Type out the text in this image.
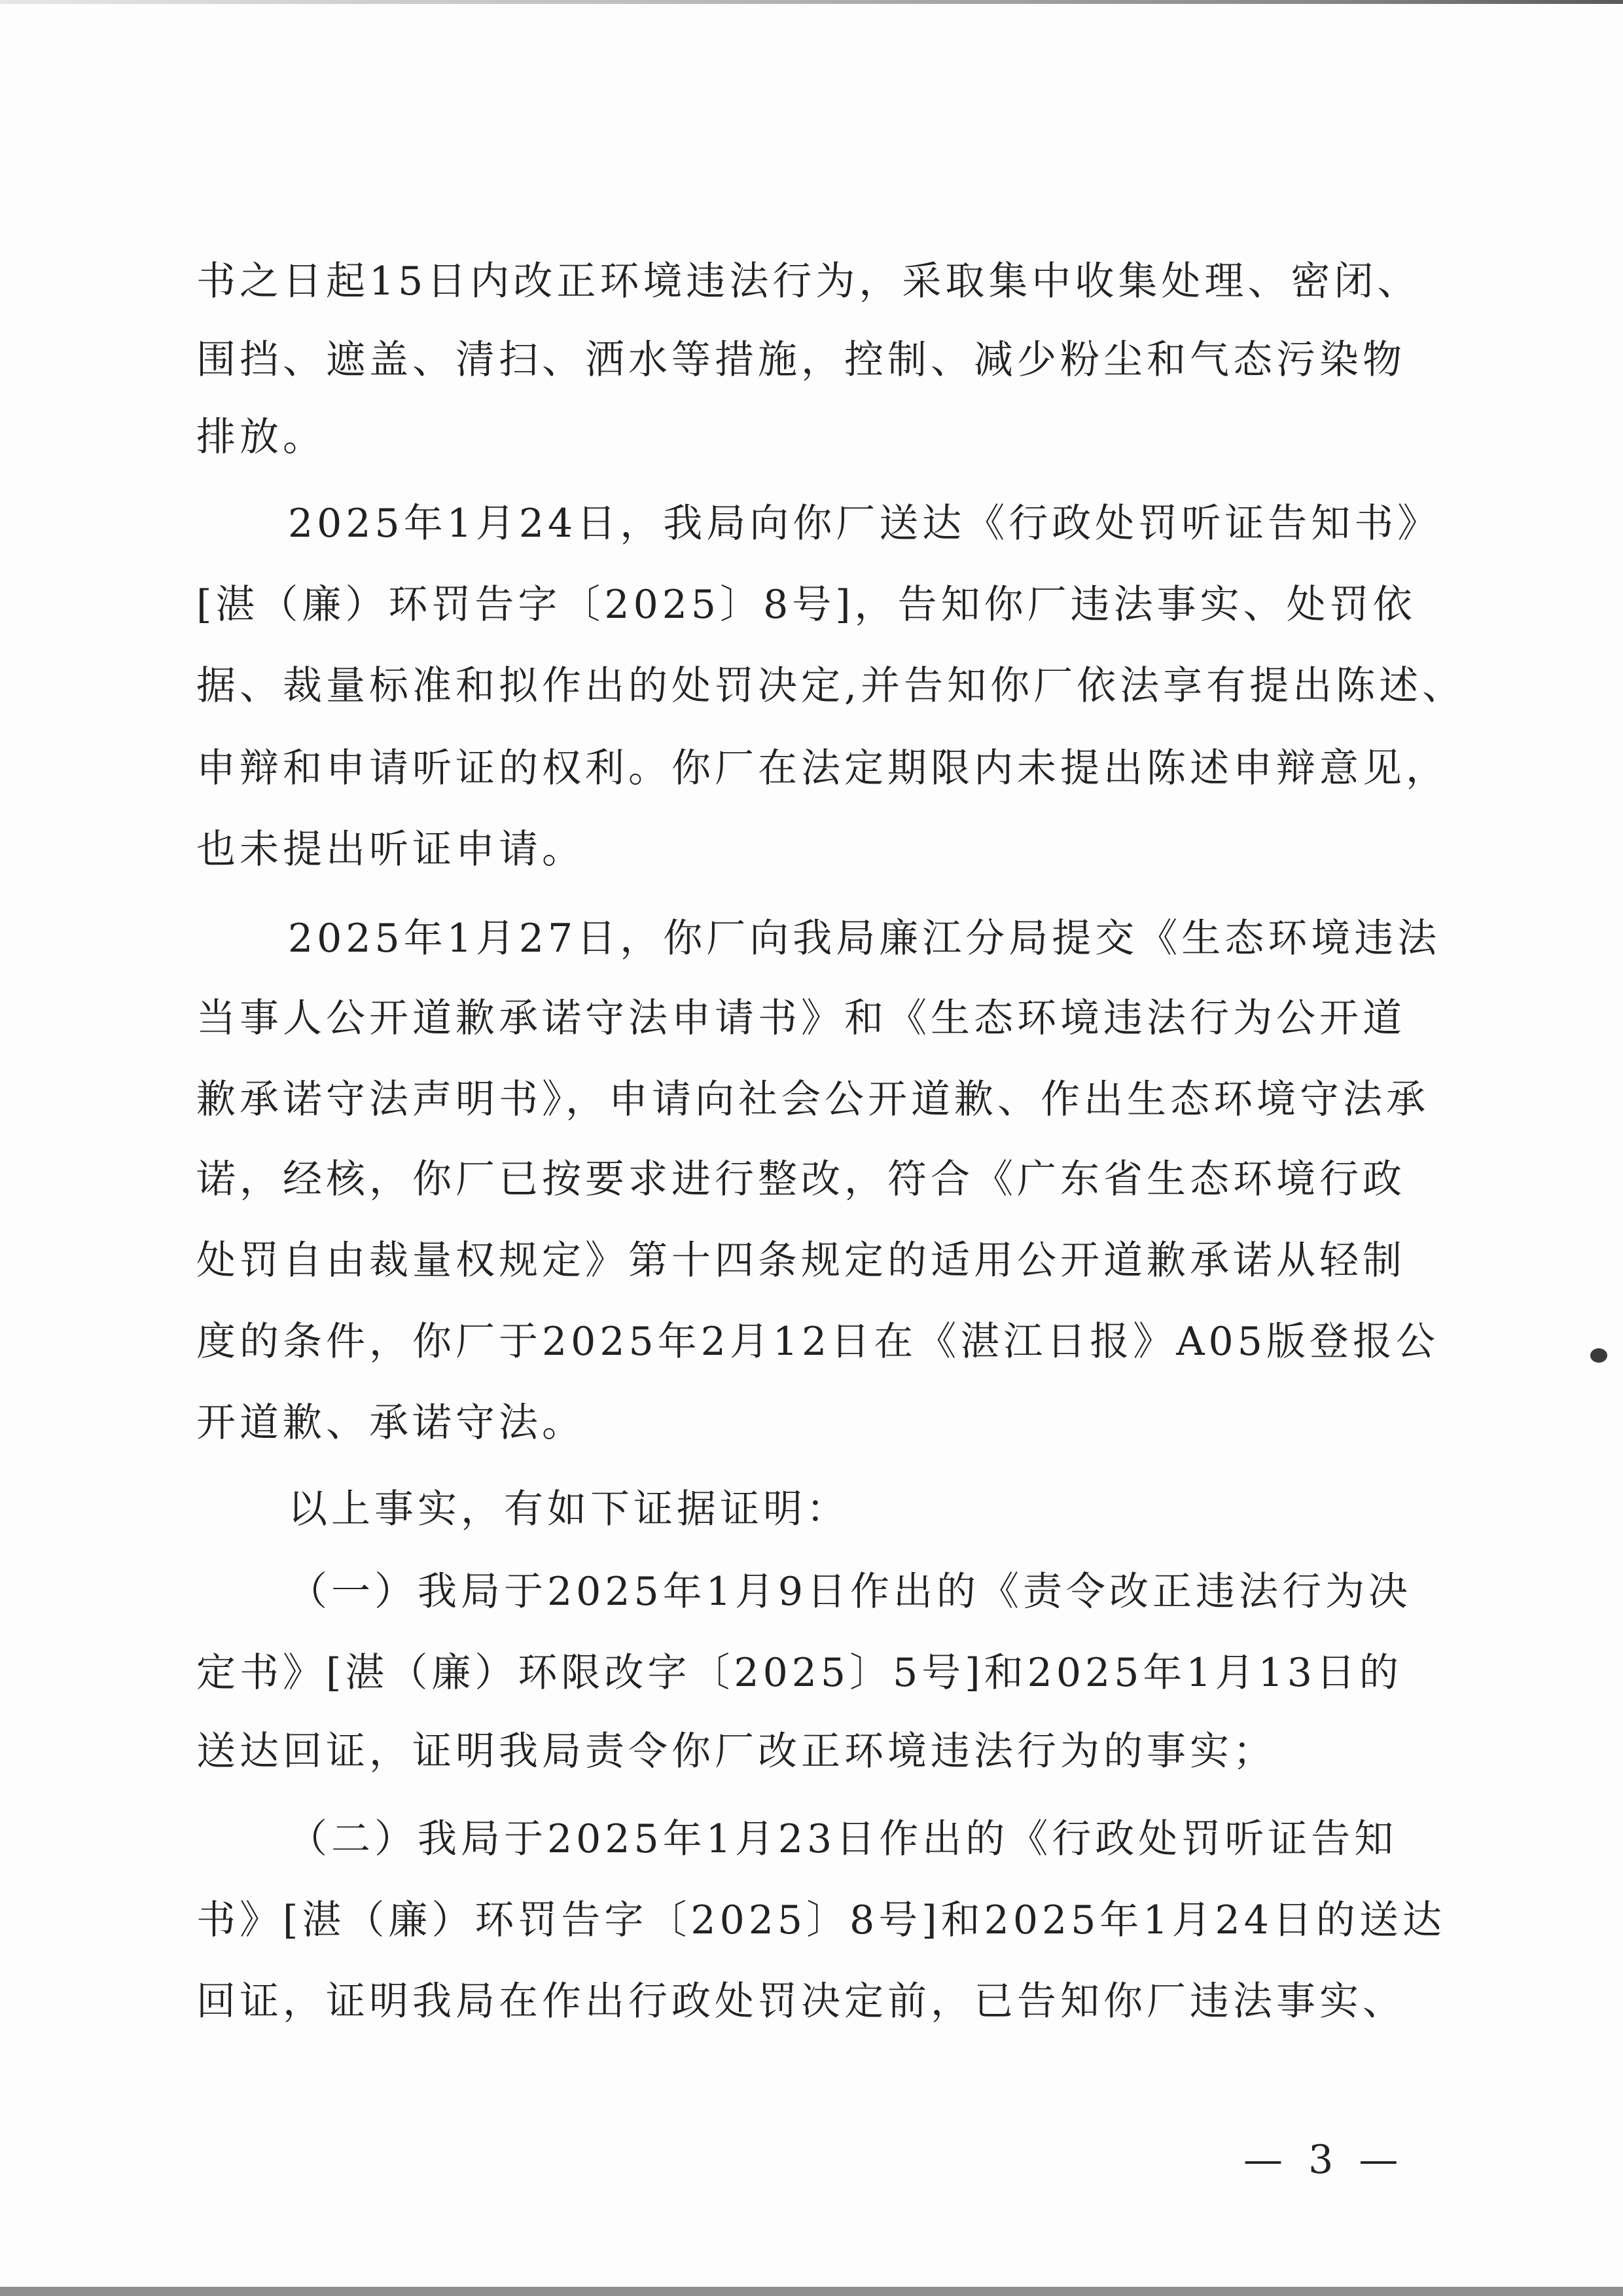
书之日起15日内改正环境违法行为，采取集中收集处理、密闭、
围挡、遮盖、清扫、洒水等措施，控制、减少粉尘和气态污染物
排放。
2025年1月24日，我局向你厂送达《行政处罚听证告知书》
[湛（廉）环罚告字〔2025〕8号]，告知你厂违法事实、处罚依
据、裁量标准和拟作出的处罚决定,并告知你厂依法享有提出陈述、
申辩和申请听证的权利。你厂在法定期限内未提出陈述申辩意见，
也未提出听证申请。
2025年1月27日，你厂向我局廉江分局提交《生态环境违法
当事人公开道歉承诺守法申请书》和《生态环境违法行为公开道
歉承诺守法声明书》，申请向社会公开道歉、作出生态环境守法承
诺，经核，你厂已按要求进行整改，符合《广东省生态环境行政
处罚自由裁量权规定》第十四条规定的适用公开道歉承诺从轻制
度的条件，你厂于2025年2月12日在《湛江日报》A05版登报公
开道歉、承诺守法。
以上事实，有如下证据证明：
（一）我局于2025年1月9日作出的《责令改正违法行为决
定书》[湛（廉）环限改字〔2025〕5号]和2025年1月13日的
送达回证，证明我局责令你厂改正环境违法行为的事实；
（二）我局于2025年1月23日作出的《行政处罚听证告知
书》[湛（廉）环罚告字〔2025〕8号]和2025年1月24日的送达
回证，证明我局在作出行政处罚决定前，已告知你厂违法事实、
— 3 —
